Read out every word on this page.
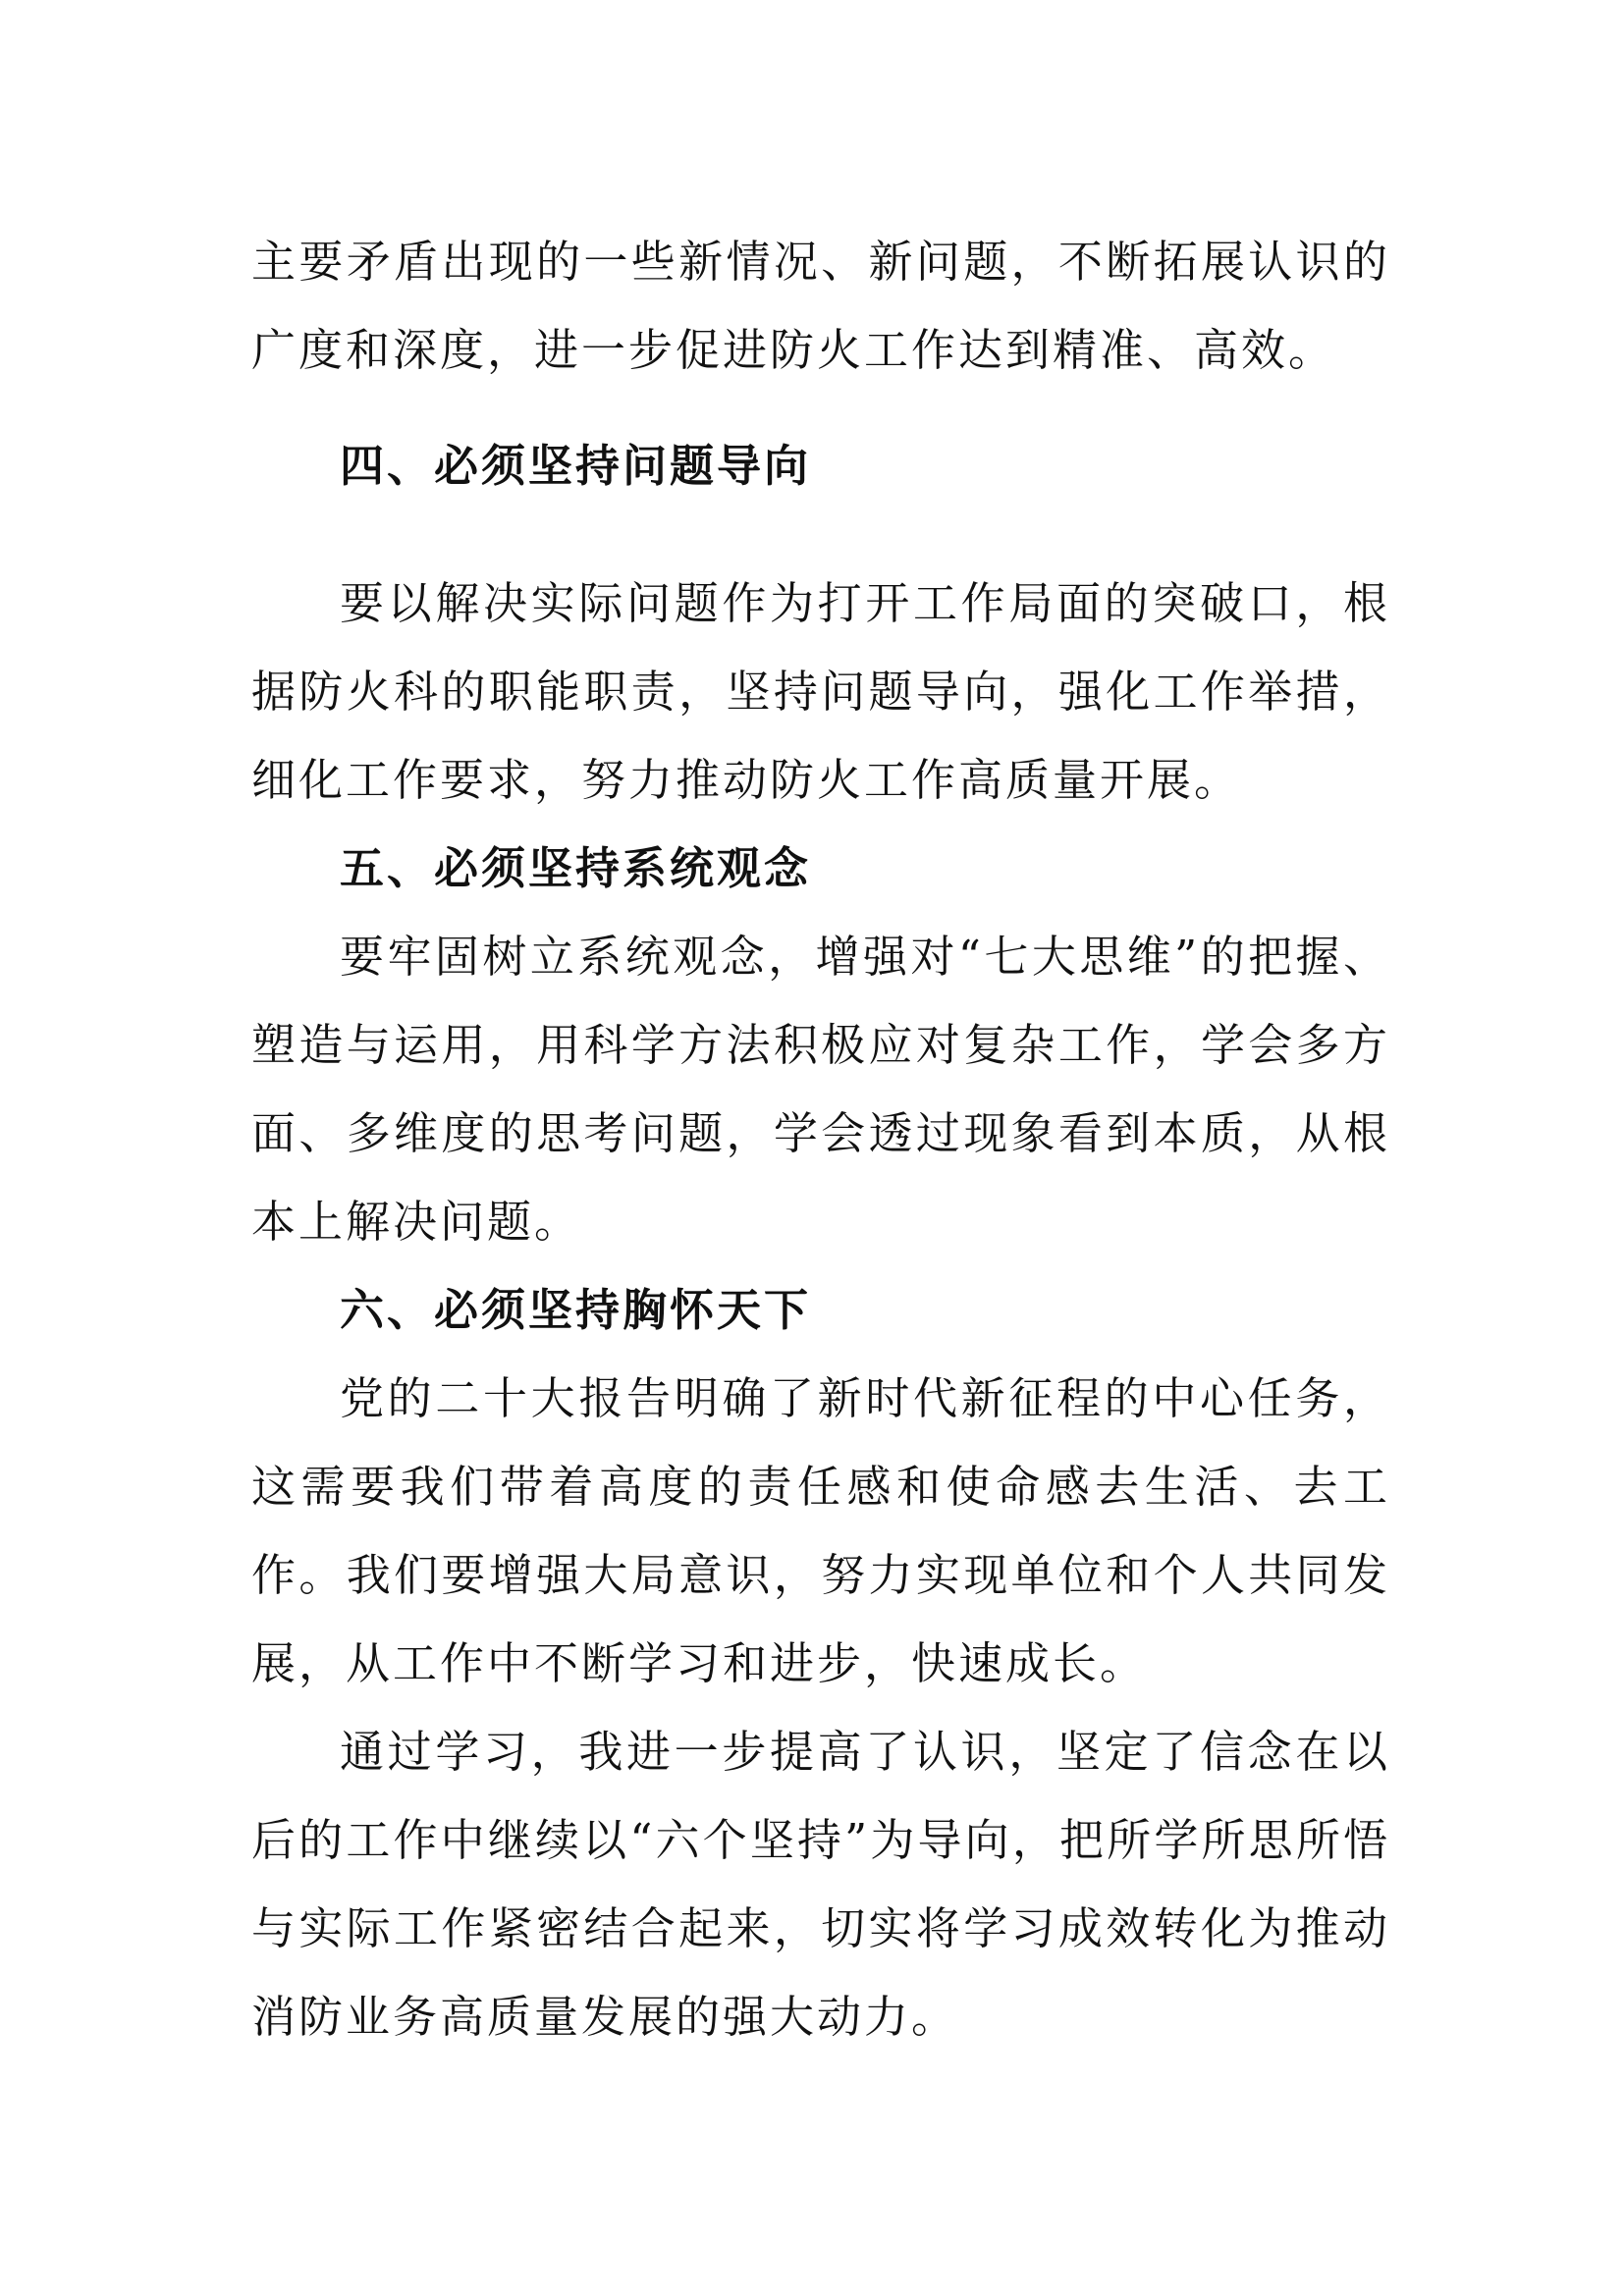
主要矛盾出现的一些新情况、新问题，不断拓展认识的广度和深度，进一步促进防火工作达到精准、高效。

四、必须坚持问题导向

要以解决实际问题作为打开工作局面的突破口，根据防火科的职能职责，坚持问题导向，强化工作举措，细化工作要求，努力推动防火工作高质量开展。

五、必须坚持系统观念

要牢固树立系统观念，增强对“七大思维”的把握、塑造与运用，用科学方法积极应对复杂工作，学会多方面、多维度的思考问题，学会透过现象看到本质，从根本上解决问题。

六、必须坚持胸怀天下

党的二十大报告明确了新时代新征程的中心任务，这需要我们带着高度的责任感和使命感去生活、去工作。我们要增强大局意识，努力实现单位和个人共同发展，从工作中不断学习和进步，快速成长。

通过学习，我进一步提高了认识，坚定了信念在以后的工作中继续以“六个坚持”为导向，把所学所思所悟与实际工作紧密结合起来，切实将学习成效转化为推动消防业务高质量发展的强大动力。
